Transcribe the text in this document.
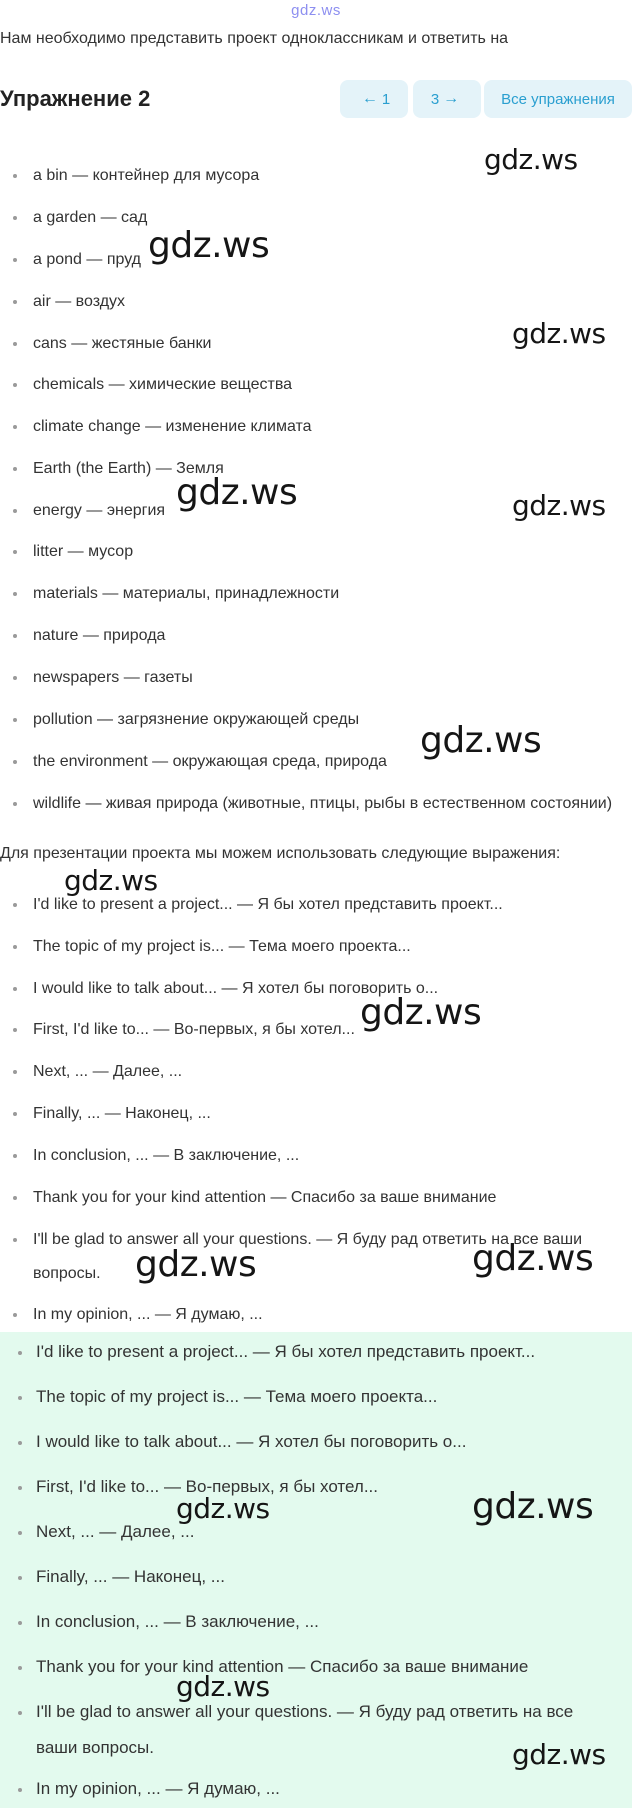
gdz.ws
Нам необходимо представить проект одноклассникам и ответить на
Упражнение 2	← 1	3 →	Все упражнения
a bin — контейнер для мусора
a garden — сад
a pond — пруд
air — воздух
cans — жестяные банки
chemicals — химические вещества
climate change — изменение климата
Earth (the Earth) — Земля
energy — энергия
litter — мусор
materials — материалы, принадлежности
nature — природа
newspapers — газеты
pollution — загрязнение окружающей среды
the environment — окружающая среда, природа
wildlife — живая природа (животные, птицы, рыбы в естественном состоянии)
Для презентации проекта мы можем использовать следующие выражения:
I'd like to present a project... — Я бы хотел представить проект...
The topic of my project is... — Тема моего проекта...
I would like to talk about... — Я хотел бы поговорить о...
First, I'd like to... — Во-первых, я бы хотел...
Next, ... — Далее, ...
Finally, ... — Наконец, ...
In conclusion, ... — В заключение, ...
Thank you for your kind attention — Спасибо за ваше внимание
I'll be glad to answer all your questions. — Я буду рад ответить на все ваши вопросы.
In my opinion, ... — Я думаю, ...
I'd like to present a project... — Я бы хотел представить проект...
The topic of my project is... — Тема моего проекта...
I would like to talk about... — Я хотел бы поговорить о...
First, I'd like to... — Во-первых, я бы хотел...
Next, ... — Далее, ...
Finally, ... — Наконец, ...
In conclusion, ... — В заключение, ...
Thank you for your kind attention — Спасибо за ваше внимание
I'll be glad to answer all your questions. — Я буду рад ответить на все ваши вопросы.
In my opinion, ... — Я думаю, ...
gdz.ws
gdz.ws
gdz.ws
gdz.ws	gdz.ws
gdz.ws
gdz.ws
gdz.ws
gdz.ws	gdz.ws
gdz.ws	gdz.ws
gdz.ws
gdz.ws
